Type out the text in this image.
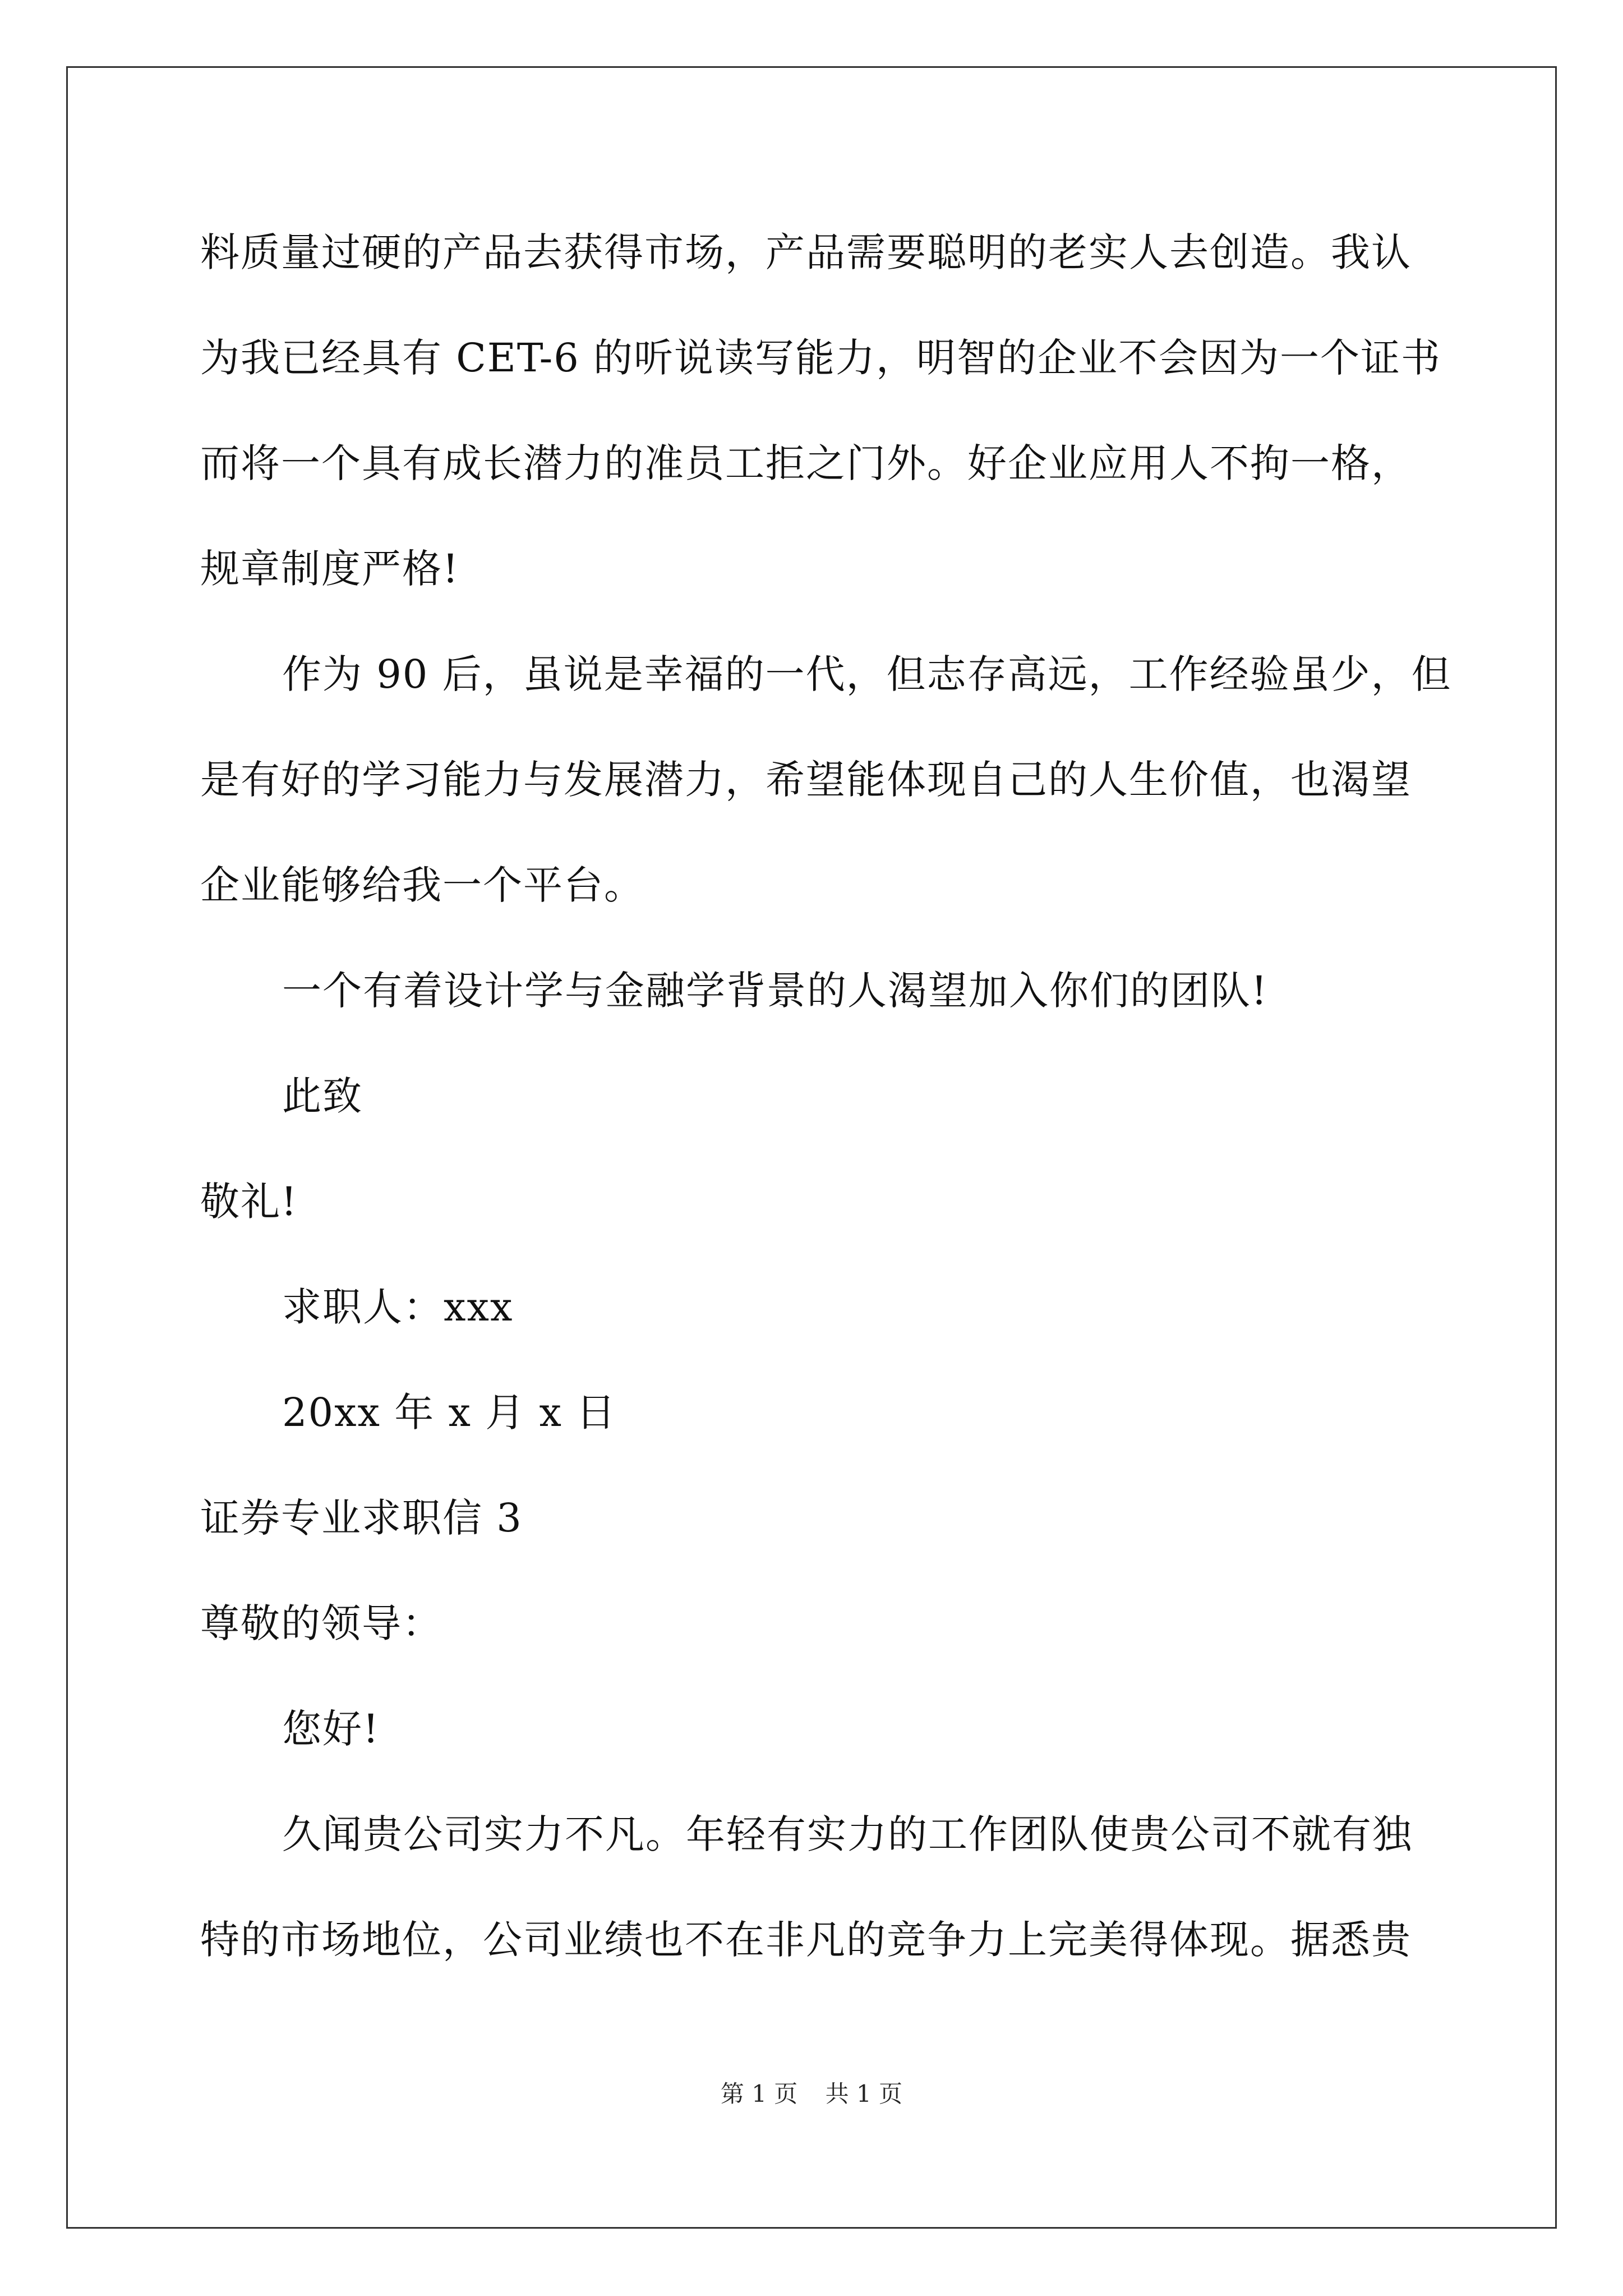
料质量过硬的产品去获得市场，产品需要聪明的老实人去创造。我认
为我已经具有 CET-6 的听说读写能力，明智的企业不会因为一个证书
而将一个具有成长潜力的准员工拒之门外。好企业应用人不拘一格，
规章制度严格!
作为 90 后，虽说是幸福的一代，但志存高远，工作经验虽少，但
是有好的学习能力与发展潜力，希望能体现自己的人生价值，也渴望
企业能够给我一个平台。
一个有着设计学与金融学背景的人渴望加入你们的团队!
此致
敬礼!
求职人：xxx
20xx 年 x 月 x 日
证券专业求职信 3
尊敬的领导：
您好!
久闻贵公司实力不凡。年轻有实力的工作团队使贵公司不就有独
特的市场地位，公司业绩也不在非凡的竞争力上完美得体现。据悉贵
第 1 页 共 1 页
